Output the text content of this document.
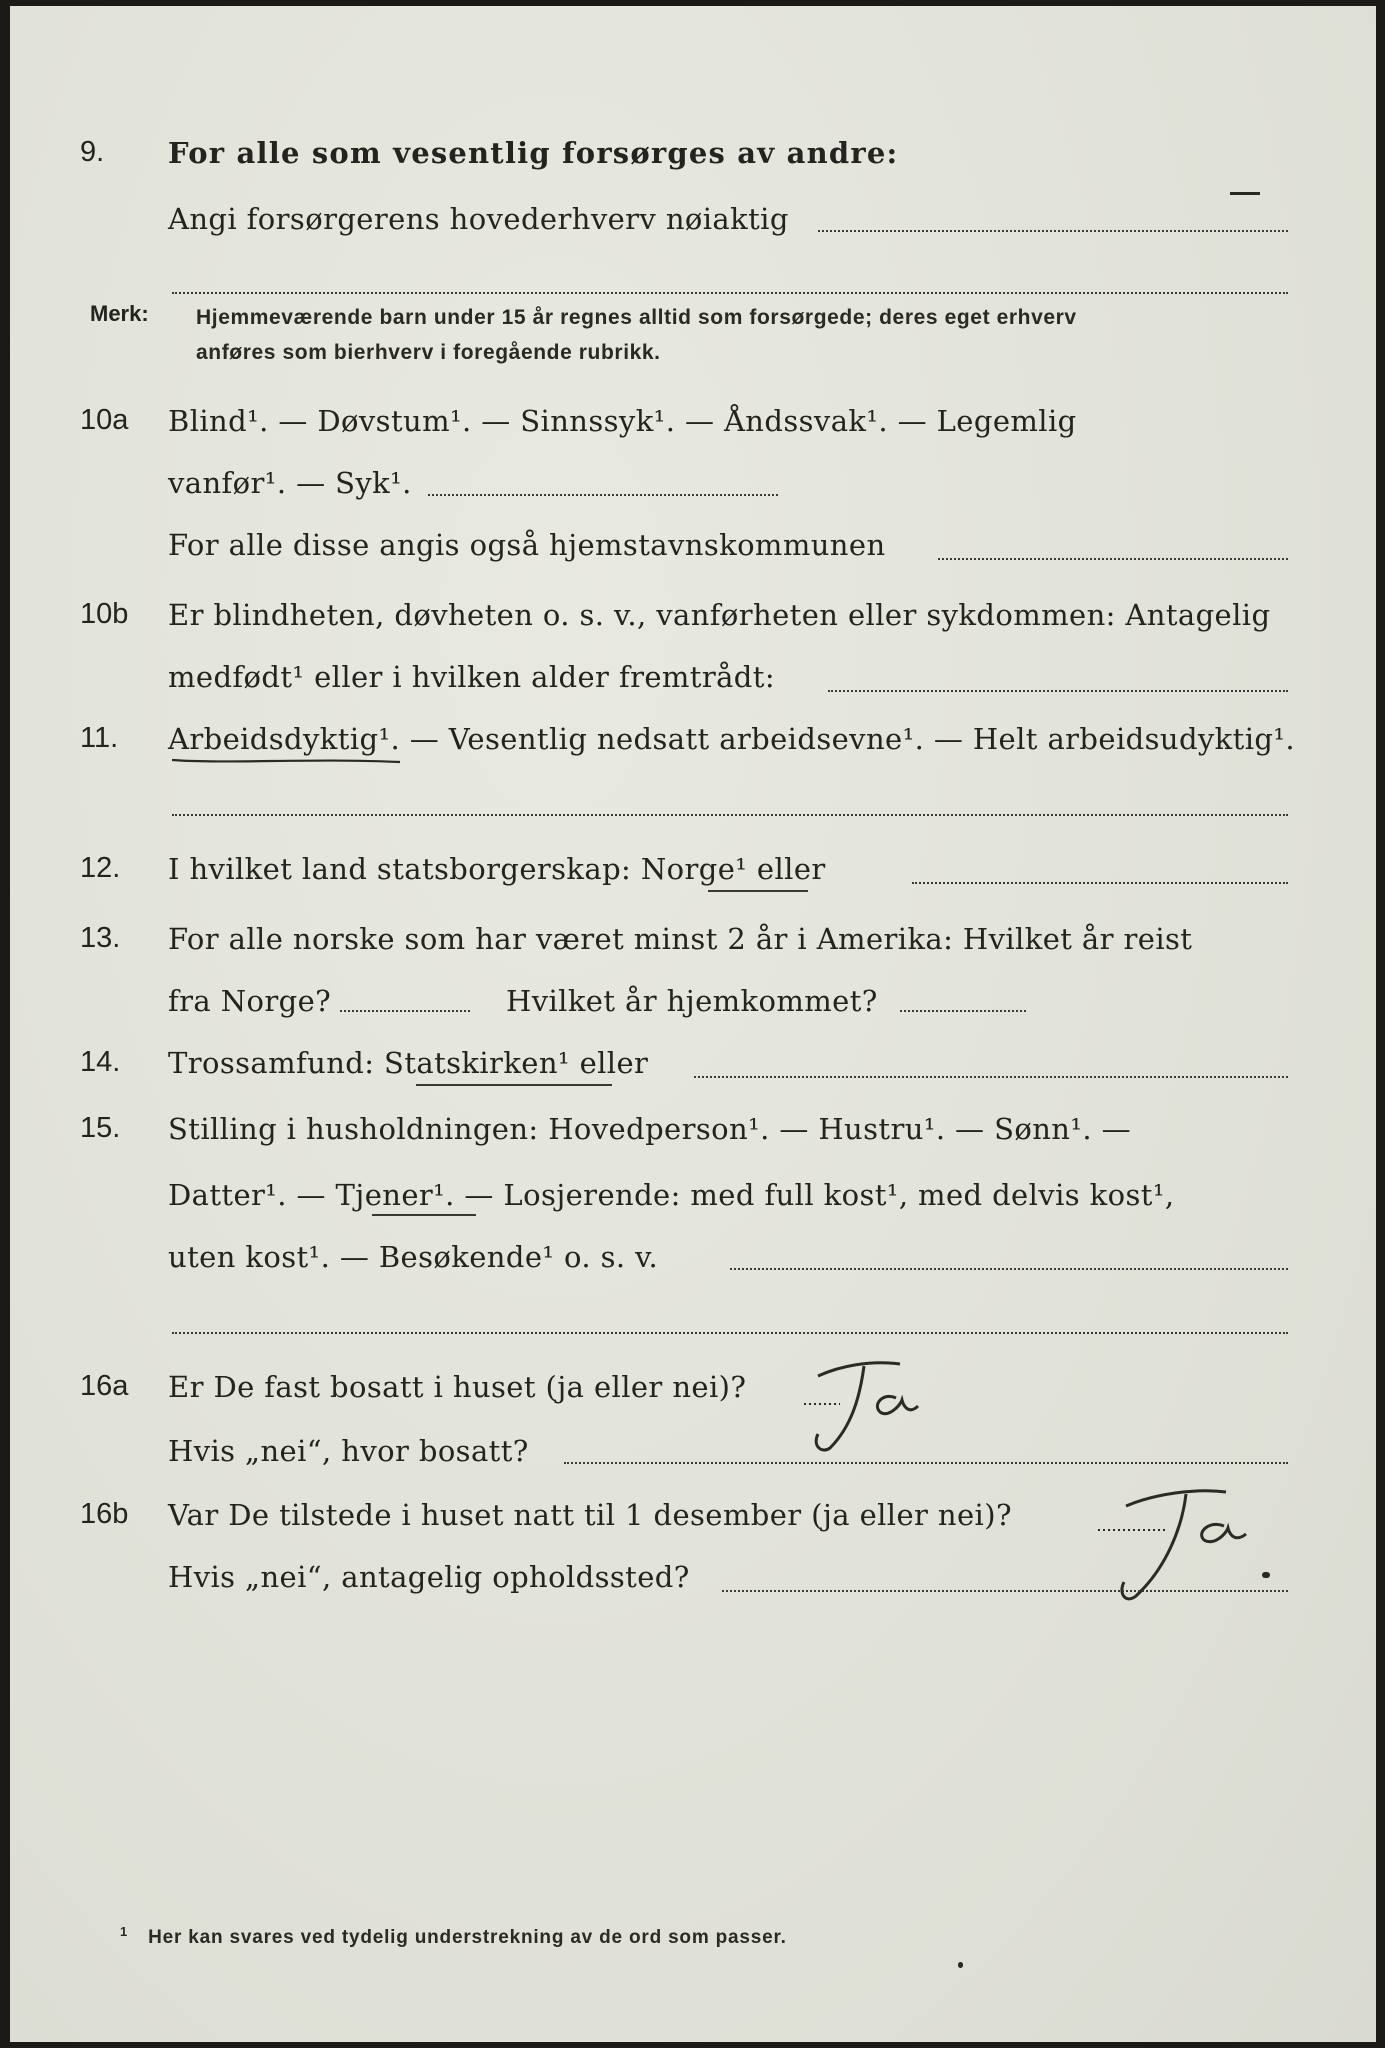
9. For alle som vesentlig forsørges av andre:
Angi forsørgerens hovederhverv nøiaktig
Merk: Hjemmeværende barn under 15 år regnes alltid som forsørgede; deres eget erhverv
anføres som bierhverv i foregående rubrikk.
10a Blind¹. — Døvstum¹. — Sinnssyk¹. — Åndssvak¹. — Legemlig
vanfør¹. — Syk¹.
For alle disse angis også hjemstavnskommunen
10b Er blindheten, døvheten o. s. v., vanførheten eller sykdommen: Antagelig
medfødt¹ eller i hvilken alder fremtrådt:
11. Arbeidsdyktig¹. — Vesentlig nedsatt arbeidsevne¹. — Helt arbeidsudyktig¹.
12. I hvilket land statsborgerskap: Norge¹ eller
13. For alle norske som har været minst 2 år i Amerika: Hvilket år reist
fra Norge?	Hvilket år hjemkommet?
14. Trossamfund: Statskirken¹ eller
15. Stilling i husholdningen: Hovedperson¹. — Hustru¹. — Sønn¹. —
Datter¹. — Tjener¹. — Losjerende: med full kost¹, med delvis kost¹,
uten kost¹. — Besøkende¹ o. s. v.
16a Er De fast bosatt i huset (ja eller nei)?
Hvis „nei“, hvor bosatt?
16b Var De tilstede i huset natt til 1 desember (ja eller nei)?
Hvis „nei“, antagelig opholdssted?
$^1$ Her kan svares ved tydelig understrekning av de ord som passer.
